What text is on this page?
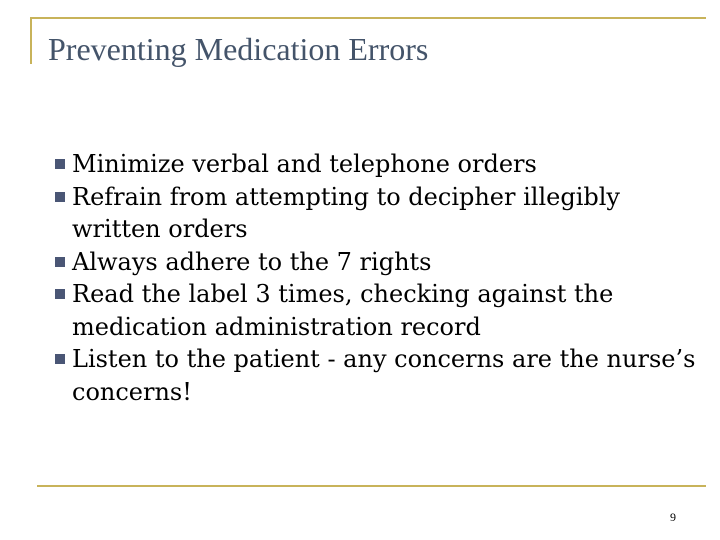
Preventing Medication Errors
Minimize verbal and telephone orders
Refrain from attempting to decipher illegibly written orders
Always adhere to the 7 rights
Read the label 3 times, checking against the medication administration record
Listen to the patient - any concerns are the nurse’s concerns!
9
